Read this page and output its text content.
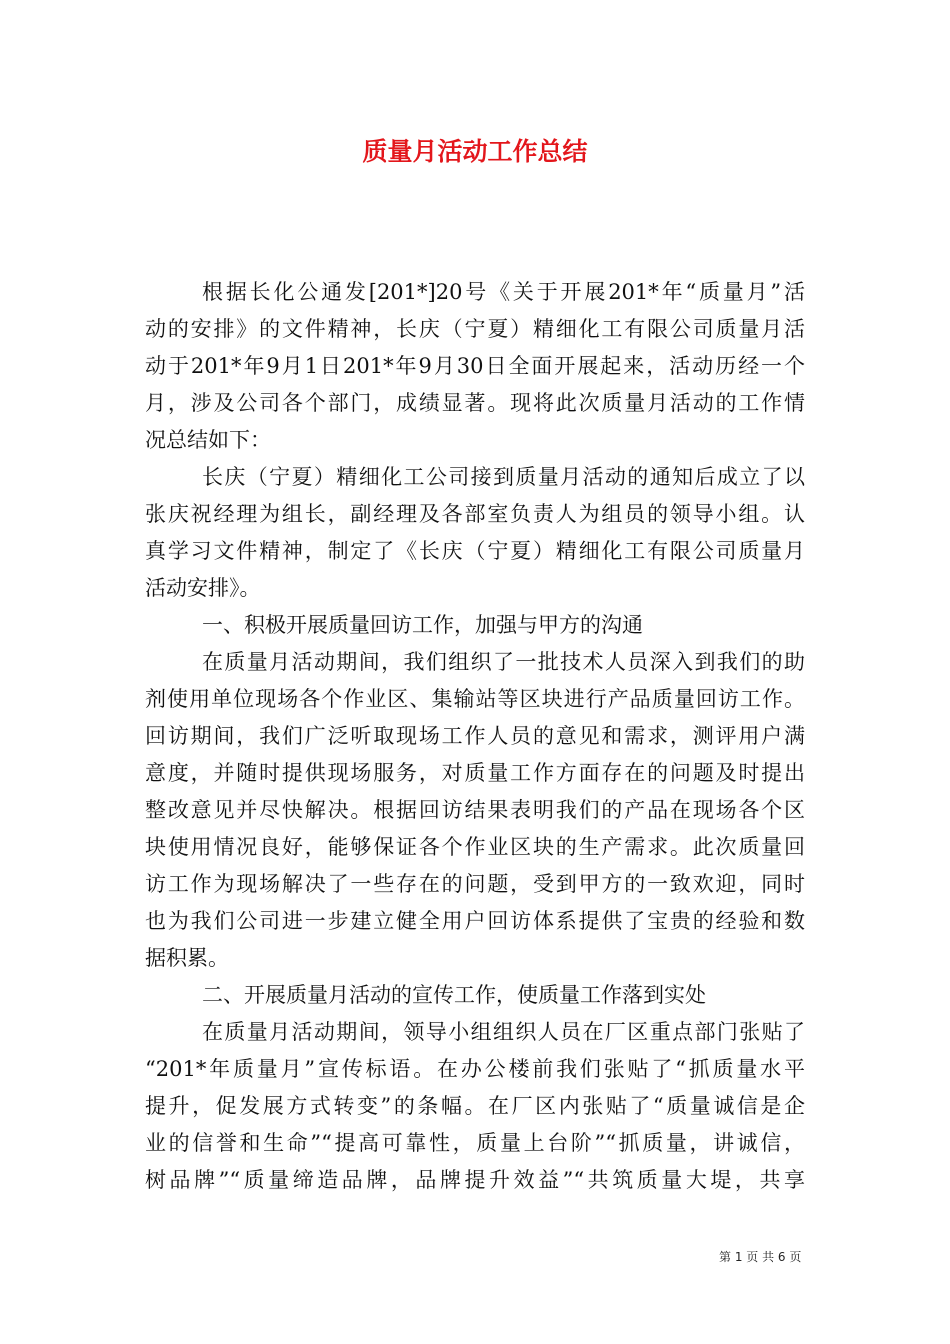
质量月活动工作总结
根据长化公通发[201*]20号《关于开展201*年“质量月”活
动的安排》的文件精神，长庆（宁夏）精细化工有限公司质量月活
动于201*年9月1日201*年9月30日全面开展起来，活动历经一个
月，涉及公司各个部门，成绩显著。现将此次质量月活动的工作情
况总结如下：
长庆（宁夏）精细化工公司接到质量月活动的通知后成立了以
张庆祝经理为组长，副经理及各部室负责人为组员的领导小组。认
真学习文件精神，制定了《长庆（宁夏）精细化工有限公司质量月
活动安排》。
一、积极开展质量回访工作，加强与甲方的沟通
在质量月活动期间，我们组织了一批技术人员深入到我们的助
剂使用单位现场各个作业区、集输站等区块进行产品质量回访工作。
回访期间，我们广泛听取现场工作人员的意见和需求，测评用户满
意度，并随时提供现场服务，对质量工作方面存在的问题及时提出
整改意见并尽快解决。根据回访结果表明我们的产品在现场各个区
块使用情况良好，能够保证各个作业区块的生产需求。此次质量回
访工作为现场解决了一些存在的问题，受到甲方的一致欢迎，同时
也为我们公司进一步建立健全用户回访体系提供了宝贵的经验和数
据积累。
二、开展质量月活动的宣传工作，使质量工作落到实处
在质量月活动期间，领导小组组织人员在厂区重点部门张贴了
“201*年质量月”宣传标语。在办公楼前我们张贴了“抓质量水平
提升，促发展方式转变”的条幅。在厂区内张贴了“质量诚信是企
业的信誉和生命”“提高可靠性，质量上台阶”“抓质量，讲诚信，
树品牌”“质量缔造品牌，品牌提升效益”“共筑质量大堤，共享
第 1 页 共 6 页
